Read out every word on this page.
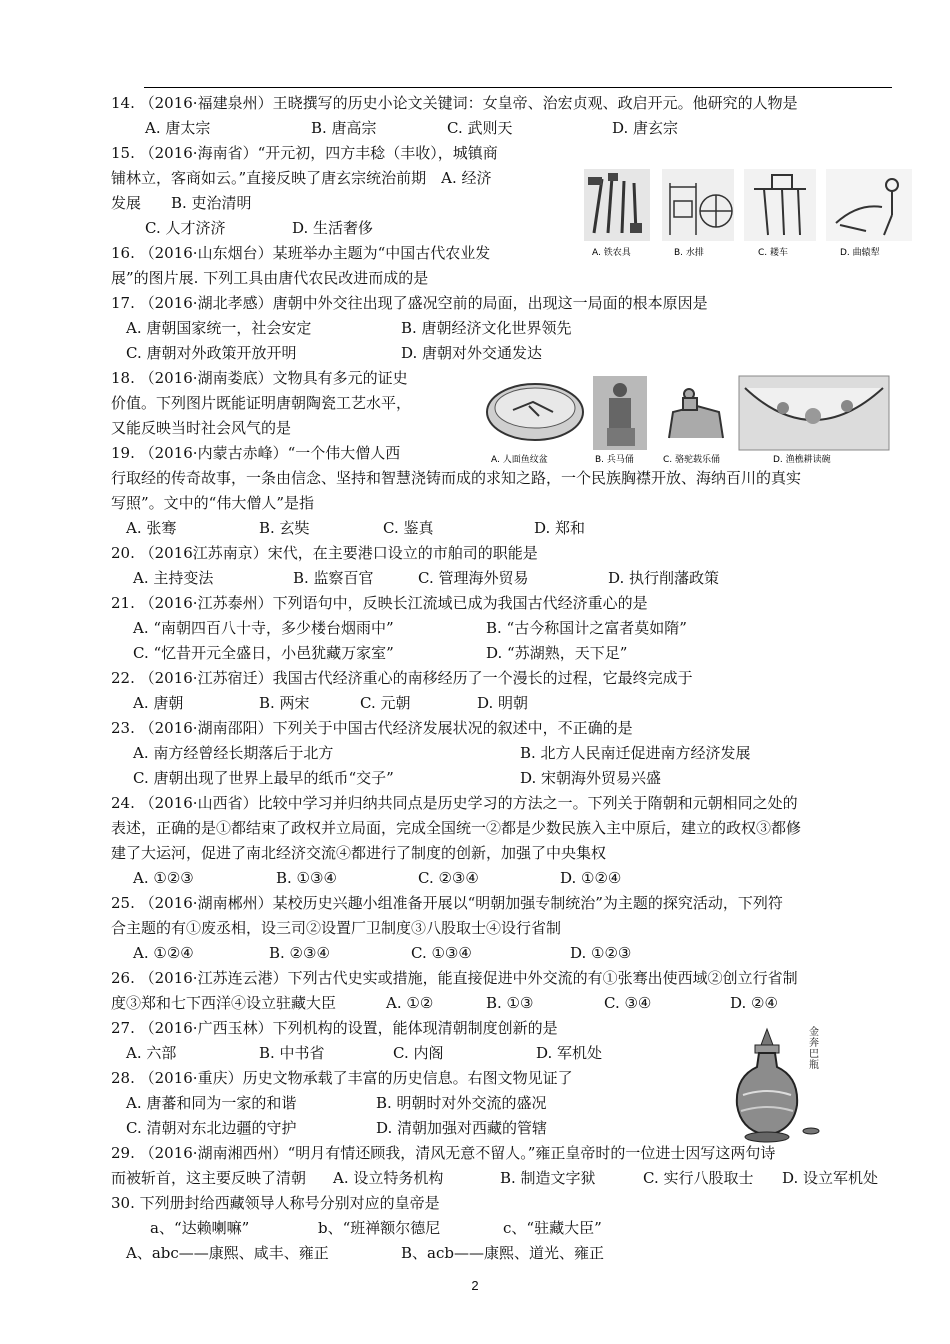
14. （2016·福建泉州）王晓撰写的历史小论文关键词：女皇帝、治宏贞观、政启开元。他研究的人物是
A. 唐太宗	B. 唐高宗	C. 武则天	D. 唐玄宗
15. （2016·海南省）“开元初，四方丰稔（丰收），城镇商
铺林立，客商如云。”直接反映了唐玄宗统治前期　A. 经济
发展　　B. 吏治清明
C. 人才济济	D. 生活奢侈
A. 铁农具	B. 水排	C. 耧车	D. 曲辕犁
16. （2016·山东烟台）某班举办主题为“中国古代农业发
展”的图片展. 下列工具由唐代农民改进而成的是
17. （2016·湖北孝感）唐朝中外交往出现了盛况空前的局面，出现这一局面的根本原因是
A. 唐朝国家统一，社会安定	B. 唐朝经济文化世界领先
C. 唐朝对外政策开放开明	D. 唐朝对外交通发达
18. （2016·湖南娄底）文物具有多元的证史
价值。下列图片既能证明唐朝陶瓷工艺水平，
又能反映当时社会风气的是
A. 人面鱼纹盆	B. 兵马俑	C. 骆驼载乐俑	D. 渔樵耕读碗
19. （2016·内蒙古赤峰）“一个伟大僧人西
行取经的传奇故事，一条由信念、坚持和智慧浇铸而成的求知之路，一个民族胸襟开放、海纳百川的真实
写照”。文中的“伟大僧人”是指
A. 张骞	B. 玄奘	C. 鉴真	D. 郑和
20. （2016江苏南京）宋代，在主要港口设立的市舶司的职能是
A. 主持变法	B. 监察百官	C. 管理海外贸易	D. 执行削藩政策
21. （2016·江苏泰州）下列语句中，反映长江流域已成为我国古代经济重心的是
A. “南朝四百八十寺，多少楼台烟雨中”	B. “古今称国计之富者莫如隋”
C. “忆昔开元全盛日，小邑犹藏万家室”	D. “苏湖熟，天下足”
22. （2016·江苏宿迁）我国古代经济重心的南移经历了一个漫长的过程，它最终完成于
A. 唐朝	B. 两宋	C. 元朝	D. 明朝
23. （2016·湖南邵阳）下列关于中国古代经济发展状况的叙述中，不正确的是
A. 南方经曾经长期落后于北方	B. 北方人民南迁促进南方经济发展
C. 唐朝出现了世界上最早的纸币“交子”	D. 宋朝海外贸易兴盛
24. （2016·山西省）比较中学习并归纳共同点是历史学习的方法之一。下列关于隋朝和元朝相同之处的
表述，正确的是①都结束了政权并立局面，完成全国统一②都是少数民族入主中原后，建立的政权③都修
建了大运河，促进了南北经济交流④都进行了制度的创新，加强了中央集权
A. ①②③	B. ①③④	C. ②③④	D. ①②④
25. （2016·湖南郴州）某校历史兴趣小组准备开展以“明朝加强专制统治”为主题的探究活动，下列符
合主题的有①废丞相，设三司②设置厂卫制度③八股取士④设行省制
A. ①②④	B. ②③④	C. ①③④	D. ①②③
26. （2016·江苏连云港）下列古代史实或措施，能直接促进中外交流的有①张骞出使西域②创立行省制
度③郑和七下西洋④设立驻藏大臣	A. ①②	B. ①③	C. ③④	D. ②④
金奔巴瓶
27. （2016·广西玉林）下列机构的设置，能体现清朝制度创新的是
A. 六部	B. 中书省	C. 内阁	D. 军机处
28. （2016·重庆）历史文物承载了丰富的历史信息。右图文物见证了
A. 唐蕃和同为一家的和谐	B. 明朝时对外交流的盛况
C. 清朝对东北边疆的守护	D. 清朝加强对西藏的管辖
29. （2016·湖南湘西州）“明月有情还顾我，清风无意不留人。”雍正皇帝时的一位进士因写这两句诗
而被斩首，这主要反映了清朝 A. 设立特务机构	B. 制造文字狱	C. 实行八股取士 D. 设立军机处
30. 下列册封给西藏领导人称号分别对应的皇帝是
a、“达赖喇嘛”	b、“班禅额尔德尼	c、“驻藏大臣”
A、abc——康熙、咸丰、雍正	B、acb——康熙、道光、雍正
2
